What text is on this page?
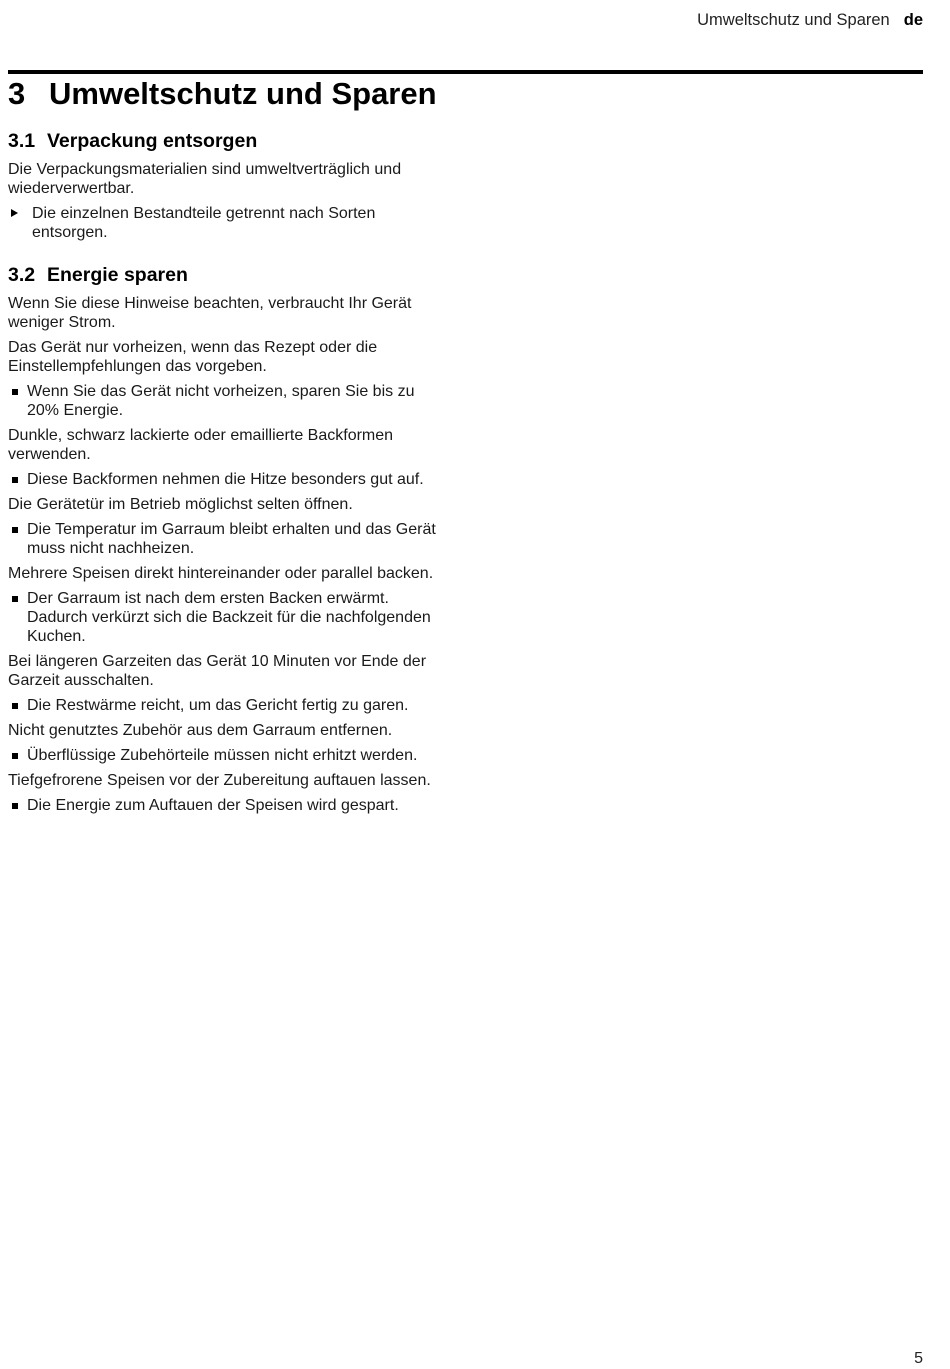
Umweltschutz und Sparen de
3 Umweltschutz und Sparen
3.1 Verpackung entsorgen

Die Verpackungsmaterialien sind umweltverträglich und wiederverwertbar.

Die einzelnen Bestandteile getrennt nach Sorten entsorgen.
3.2 Energie sparen

Wenn Sie diese Hinweise beachten, verbraucht Ihr Gerät weniger Strom.

Das Gerät nur vorheizen, wenn das Rezept oder die Einstellempfehlungen das vorgeben.

Wenn Sie das Gerät nicht vorheizen, sparen Sie bis zu 20% Energie.

Dunkle, schwarz lackierte oder emaillierte Backformen verwenden.

Diese Backformen nehmen die Hitze besonders gut auf.

Die Gerätetür im Betrieb möglichst selten öffnen.

Die Temperatur im Garraum bleibt erhalten und das Gerät muss nicht nachheizen.

Mehrere Speisen direkt hintereinander oder parallel backen.

Der Garraum ist nach dem ersten Backen erwärmt. Dadurch verkürzt sich die Backzeit für die nachfolgenden Kuchen.

Bei längeren Garzeiten das Gerät 10 Minuten vor Ende der Garzeit ausschalten.

Die Restwärme reicht, um das Gericht fertig zu garen.

Nicht genutztes Zubehör aus dem Garraum entfernen.

Überflüssige Zubehörteile müssen nicht erhitzt werden.

Tiefgefrorene Speisen vor der Zubereitung auftauen lassen.

Die Energie zum Auftauen der Speisen wird gespart.
5
